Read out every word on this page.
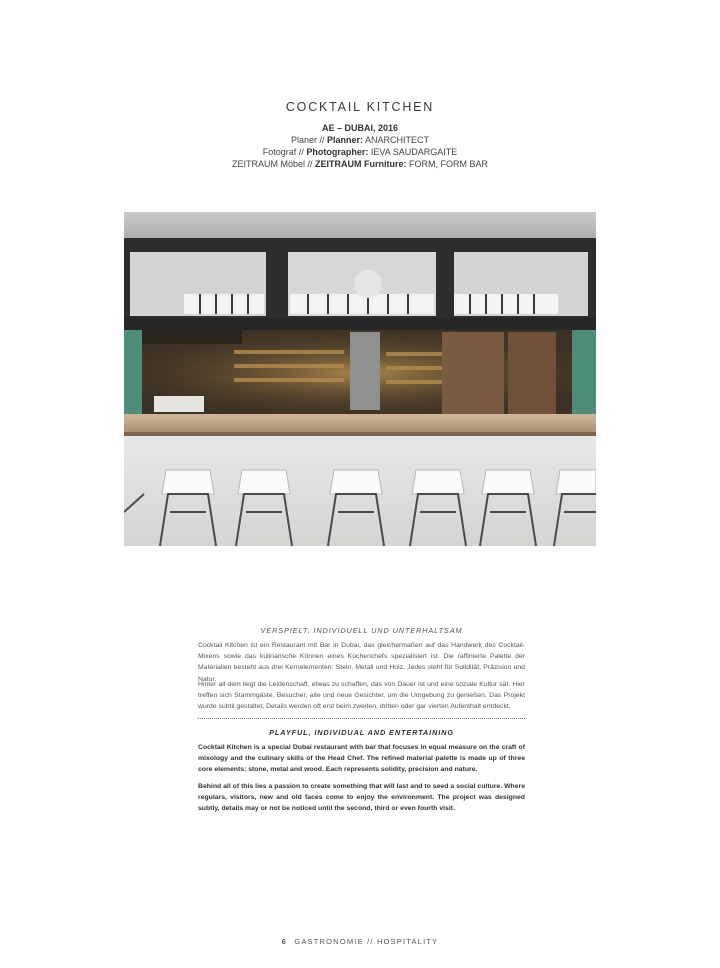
COCKTAIL KITCHEN
AE – DUBAI, 2016
Planer // Planner: ANARCHITECT
Fotograf // Photographer: IEVA SAUDARGAITE
ZEITRAUM Möbel // ZEITRAUM Furniture: FORM, FORM BAR
VERSPIELT, INDIVIDUELL UND UNTERHALTSAM
Cocktail Kitchen ist ein Restaurant mit Bar in Dubai, das gleichermaßen auf das Handwerk des Cocktail-Mixens sowie das kulinarische Können eines Küchenchefs spezialisiert ist. Die raffinierte Palette der Materialien besteht aus drei Kernelementen: Stein, Metall und Holz. Jedes steht für Solidität, Präzision und Natur.
Hinter all dem liegt die Leidenschaft, etwas zu schaffen, das von Dauer ist und eine soziale Kultur sät. Hier treffen sich Stammgäste, Besucher, alte und neue Gesichter, um die Umgebung zu genießen. Das Projekt wurde subtil gestaltet, Details werden oft erst beim zweiten, dritten oder gar vierten Aufenthalt entdeckt.
PLAYFUL, INDIVIDUAL AND ENTERTAINING
Cocktail Kitchen is a special Dubai restaurant with bar that focuses in equal measure on the craft of mixology and the culinary skills of the Head Chef. The refined material palette is made up of three core elements: stone, metal and wood. Each represents solidity, precision and nature.
Behind all of this lies a passion to create something that will last and to seed a social culture. Where regulars, visitors, new and old faces come to enjoy the environment. The project was designed subtly, details may or not be noticed until the second, third or even fourth visit.
6 GASTRONOMIE // HOSPITALITY
